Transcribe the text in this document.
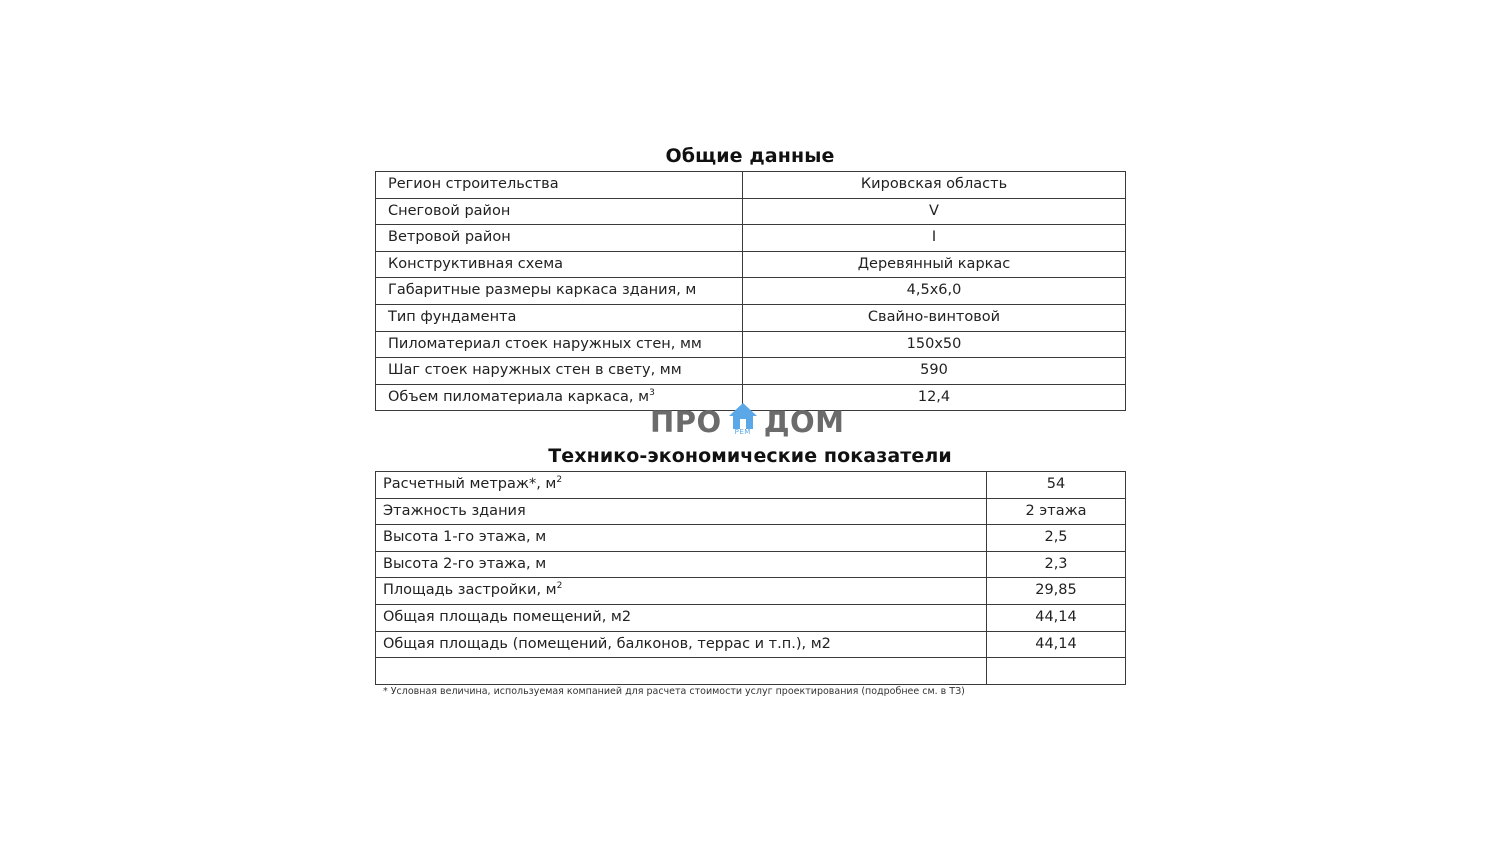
Общие данные
Регион строительства	Кировская область
Снеговой район	V
Ветровой район	I
Конструктивная схема	Деревянный каркас
Габаритные размеры каркаса здания, м	4,5х6,0
Тип фундамента	Свайно-винтовой
Пиломатериал стоек наружных стен, мм	150х50
Шаг стоек наружных стен в свету, мм	590
Объем пиломатериала каркаса, $м^3$	12,4
ПРО РЕМ ДОМ
Технико-экономические показатели
Расчетный метраж*, $м^2$	54
Этажность здания	2 этажа
Высота 1-го этажа, м	2,5
Высота 2-го этажа, м	2,3
Площадь застройки, $м^2$	29,85
Общая площадь помещений, м2	44,14
Общая площадь (помещений, балконов, террас и т.п.), м2	44,14

* Условная величина, используемая компанией для расчета стоимости услуг проектирования (подробнее см. в ТЗ)
